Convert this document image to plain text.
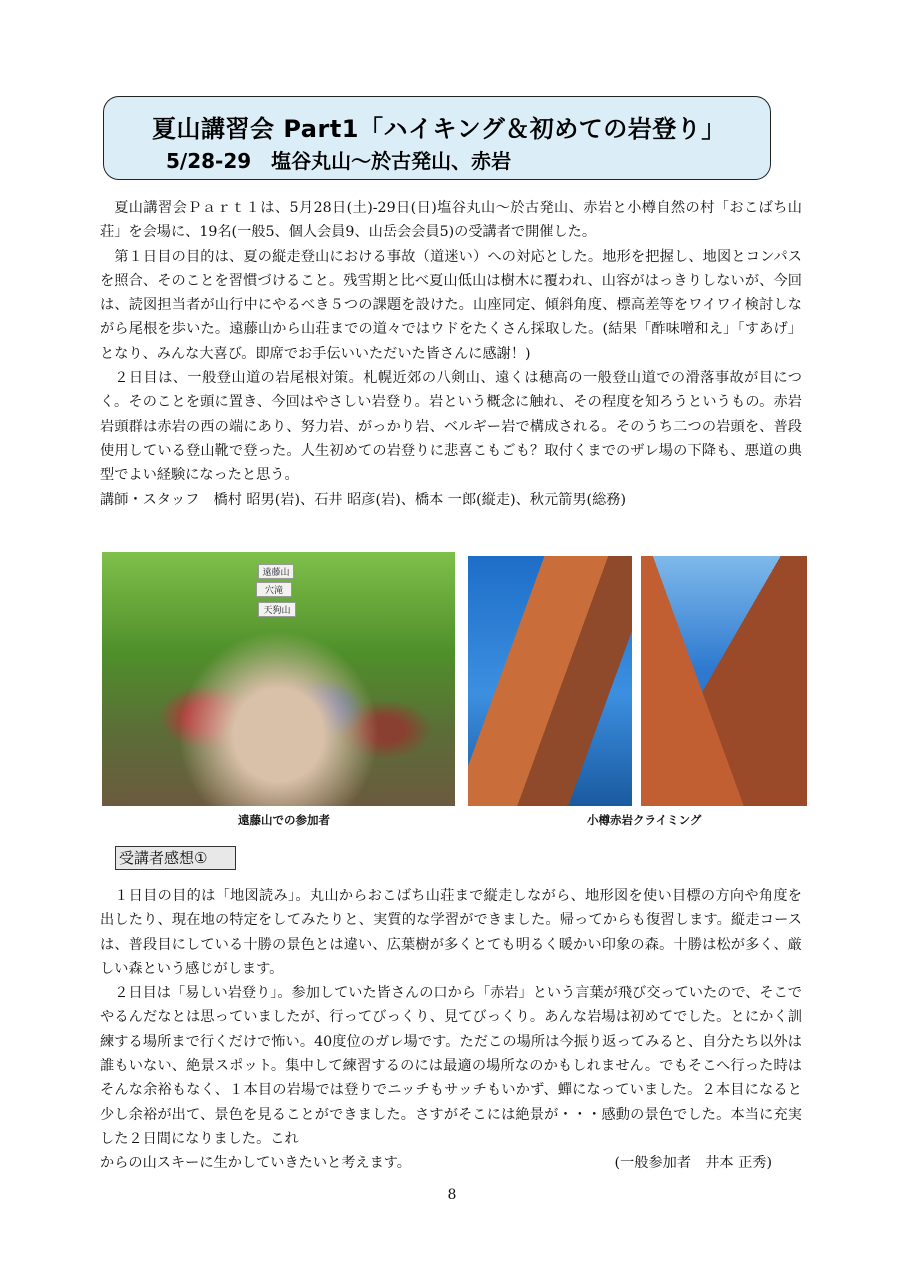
夏山講習会 Part1「ハイキング＆初めての岩登り」
5/28-29　塩谷丸山～於古発山、赤岩

夏山講習会Ｐａｒｔ１は、5月28日(土)-29日(日)塩谷丸山～於古発山、赤岩と小樽自然の村「おこばち山荘」を会場に、19名(一般5、個人会員9、山岳会会員5)の受講者で開催した。

第１日目の目的は、夏の縦走登山における事故（道迷い）への対応とした。地形を把握し、地図とコンパスを照合、そのことを習慣づけること。残雪期と比べ夏山低山は樹木に覆われ、山容がはっきりしないが、今回は、読図担当者が山行中にやるべき５つの課題を設けた。山座同定、傾斜角度、標高差等をワイワイ検討しながら尾根を歩いた。遠藤山から山荘までの道々ではウドをたくさん採取した。(結果「酢味噌和え」「すあげ」となり、みんな大喜び。即席でお手伝いいただいた皆さんに感謝！)

２日目は、一般登山道の岩尾根対策。札幌近郊の八剣山、遠くは穂高の一般登山道での滑落事故が目につく。そのことを頭に置き、今回はやさしい岩登り。岩という概念に触れ、その程度を知ろうというもの。赤岩岩頭群は赤岩の西の端にあり、努力岩、がっかり岩、ベルギー岩で構成される。そのうち二つの岩頭を、普段使用している登山靴で登った。人生初めての岩登りに悲喜こもごも？取付くまでのザレ場の下降も、悪道の典型でよい経験になったと思う。

講師・スタッフ　橋村 昭男(岩)、石井 昭彦(岩)、橋本 一郎(縦走)、秋元箭男(総務)

遠藤山
穴滝
天狗山
遠藤山での参加者	小樽赤岩クライミング
受講者感想①

１日目の目的は「地図読み」。丸山からおこばち山荘まで縦走しながら、地形図を使い目標の方向や角度を出したり、現在地の特定をしてみたりと、実質的な学習ができました。帰ってからも復習します。縦走コースは、普段目にしている十勝の景色とは違い、広葉樹が多くとても明るく暖かい印象の森。十勝は松が多く、厳しい森という感じがします。

２日目は「易しい岩登り」。参加していた皆さんの口から「赤岩」という言葉が飛び交っていたので、そこでやるんだなとは思っていましたが、行ってびっくり、見てびっくり。あんな岩場は初めてでした。とにかく訓練する場所まで行くだけで怖い。40度位のガレ場です。ただこの場所は今振り返ってみると、自分たち以外は誰もいない、絶景スポット。集中して練習するのには最適の場所なのかもしれません。でもそこへ行った時はそんな余裕もなく、１本目の岩場では登りでニッチもサッチもいかず、蟬になっていました。２本目になると少し余裕が出て、景色を見ることができました。さすがそこには絶景が・・・感動の景色でした。本当に充実した２日間になりました。これ

からの山スキーに生かしていきたいと考えます。	(一般参加者　井本 正秀)
8
